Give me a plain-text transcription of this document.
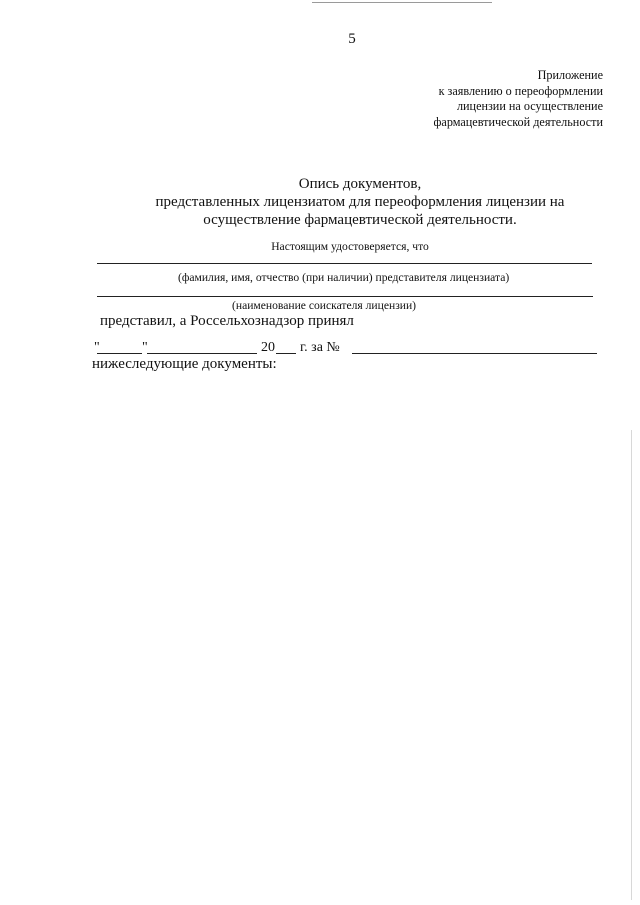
5
Приложение
к заявлению о переоформлении
лицензии на осуществление
фармацевтической деятельности
Опись документов,
представленных лицензиатом для переоформления лицензии на
осуществление фармацевтической деятельности.
Настоящим удостоверяется, что
(фамилия, имя, отчество (при наличии) представителя лицензиата)
(наименование соискателя лицензии)
представил, а Россельхознадзор принял
"	"	20 г. за №
нижеследующие документы:
